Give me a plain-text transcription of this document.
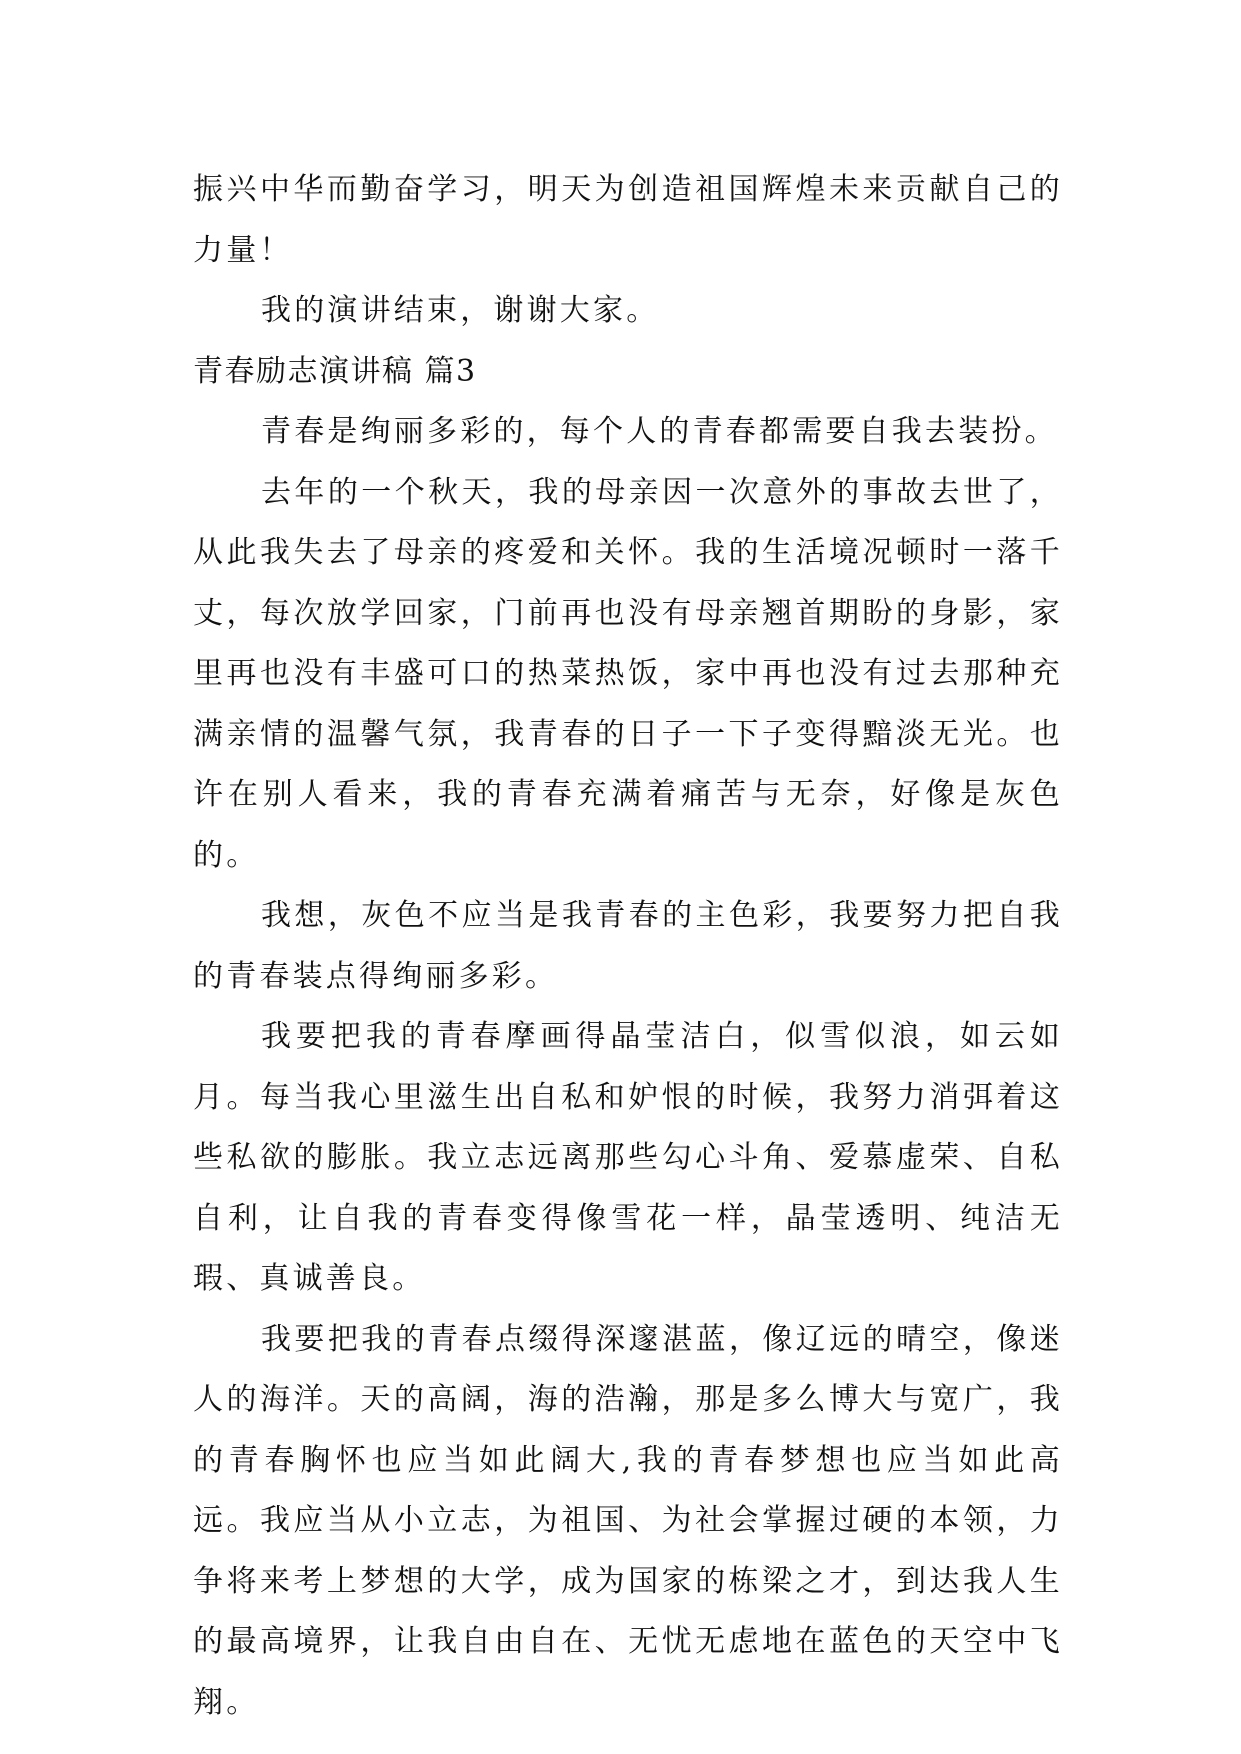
振兴中华而勤奋学习，明天为创造祖国辉煌未来贡献自己的力量！

我的演讲结束，谢谢大家。

青春励志演讲稿 篇3

青春是绚丽多彩的，每个人的青春都需要自我去装扮。

去年的一个秋天，我的母亲因一次意外的事故去世了，从此我失去了母亲的疼爱和关怀。我的生活境况顿时一落千丈，每次放学回家，门前再也没有母亲翘首期盼的身影，家里再也没有丰盛可口的热菜热饭，家中再也没有过去那种充满亲情的温馨气氛，我青春的日子一下子变得黯淡无光。也许在别人看来，我的青春充满着痛苦与无奈，好像是灰色的。

我想，灰色不应当是我青春的主色彩，我要努力把自我的青春装点得绚丽多彩。

我要把我的青春摩画得晶莹洁白，似雪似浪，如云如月。每当我心里滋生出自私和妒恨的时候，我努力消弭着这些私欲的膨胀。我立志远离那些勾心斗角、爱慕虚荣、自私自利，让自我的青春变得像雪花一样，晶莹透明、纯洁无瑕、真诚善良。

我要把我的青春点缀得深邃湛蓝，像辽远的晴空，像迷人的海洋。天的高阔，海的浩瀚，那是多么博大与宽广，我的青春胸怀也应当如此阔大,我的青春梦想也应当如此高远。我应当从小立志，为祖国、为社会掌握过硬的本领，力争将来考上梦想的大学，成为国家的栋梁之才，到达我人生的最高境界，让我自由自在、无忧无虑地在蓝色的天空中飞翔。
